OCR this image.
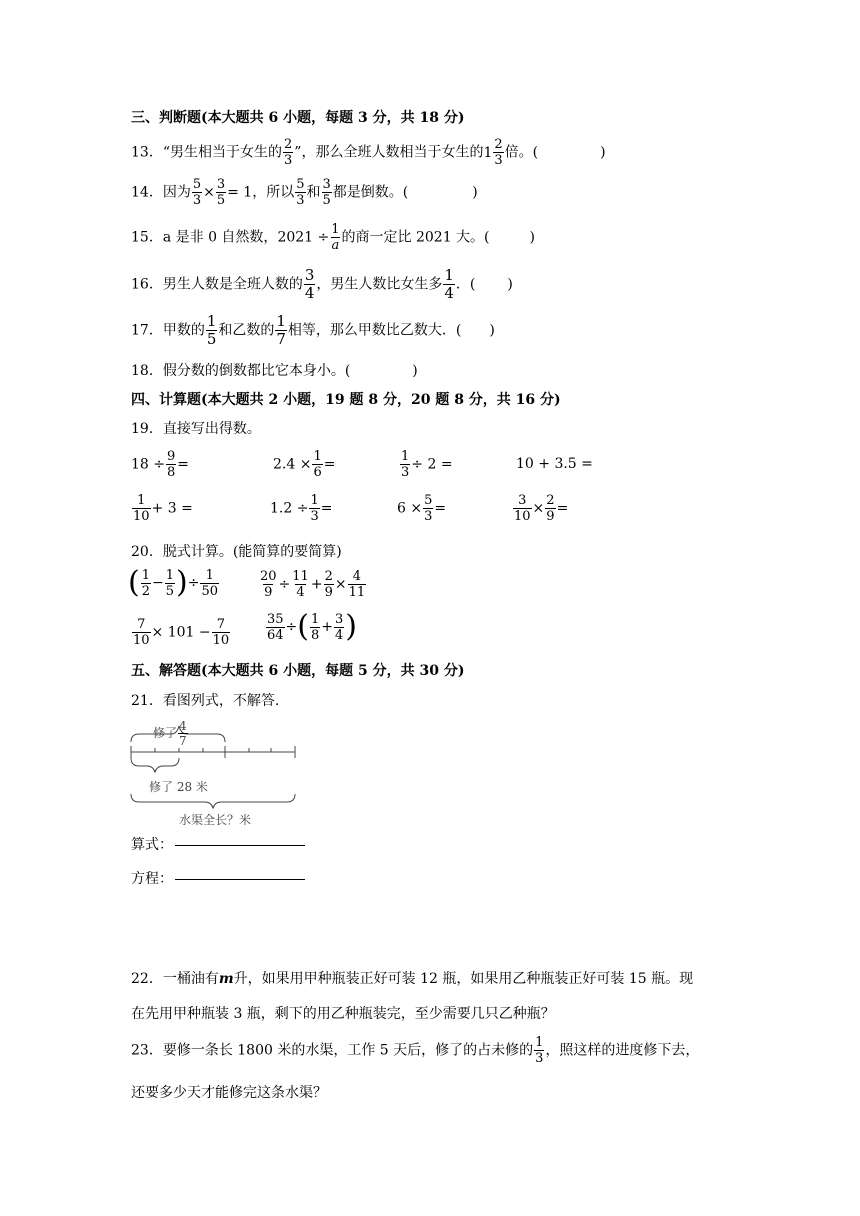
三、判断题(本大题共 6 小题，每题 3 分，共 18 分)
13．“男生相当于女生的 $\frac{2}{3}$ ”，那么全班人数相当于女生的 $1 \frac{2}{3}$ 倍。(	)
14．因为 $\frac{5}{3} \times \frac{3}{5} = 1$，所以 $\frac{5}{3}$ 和 $\frac{3}{5}$ 都是倒数。(	)
15．a 是非 0 自然数，$2021 \div \frac{1}{a}$ 的商一定比 2021 大。(	)
16．男生人数是全班人数的 $\frac{3}{4}$ ，男生人数比女生多 $\frac{1}{4}$ ．( )
17．甲数的 $\frac{1}{5}$ 和乙数的 $\frac{1}{7}$ 相等，那么甲数比乙数大．( )
18．假分数的倒数都比它本身小。(	)
四、计算题(本大题共 2 小题，19 题 8 分，20 题 8 分，共 16 分)
19．直接写出得数。
$18 \div \frac{9}{8}$ =	$2.4 \times \frac{1}{6}$ =	$\frac{1}{3} \div 2$ =	10 + 3.5 =
$\frac{1}{10} + 3$ =	$1.2 \div \frac{1}{3}$ =	$6 \times \frac{5}{3}$ =	$\frac{3}{10} \times \frac{2}{9}$ =
20．脱式计算。(能简算的要简算)
( $\frac{1}{2} - \frac{1}{5}$ )÷ $\frac{1}{50}$	$\frac{20}{9} \div \frac{11}{4} + \frac{2}{9} \times \frac{4}{11}$
$\frac{7}{10} \times 101 - \frac{7}{10}$	$\frac{35}{64}$ ÷( $\frac{1}{8} + \frac{3}{4}$ )
五、解答题(本大题共 6 小题，每题 5 分，共 30 分)
21．看图列式，不解答.
修了 $\frac{4}{7}$
修了 28 米
水渠全长？米
算式：
方程：
22．一桶油有m升，如果用甲种瓶装正好可装 12 瓶，如果用乙种瓶装正好可装 15 瓶。现
在先用甲种瓶装 3 瓶，剩下的用乙种瓶装完，至少需要几只乙种瓶？
23．要修一条长 1800 米的水渠，工作 5 天后，修了的占未修的 $\frac{1}{3}$ ，照这样的进度修下去，
还要多少天才能修完这条水渠？
